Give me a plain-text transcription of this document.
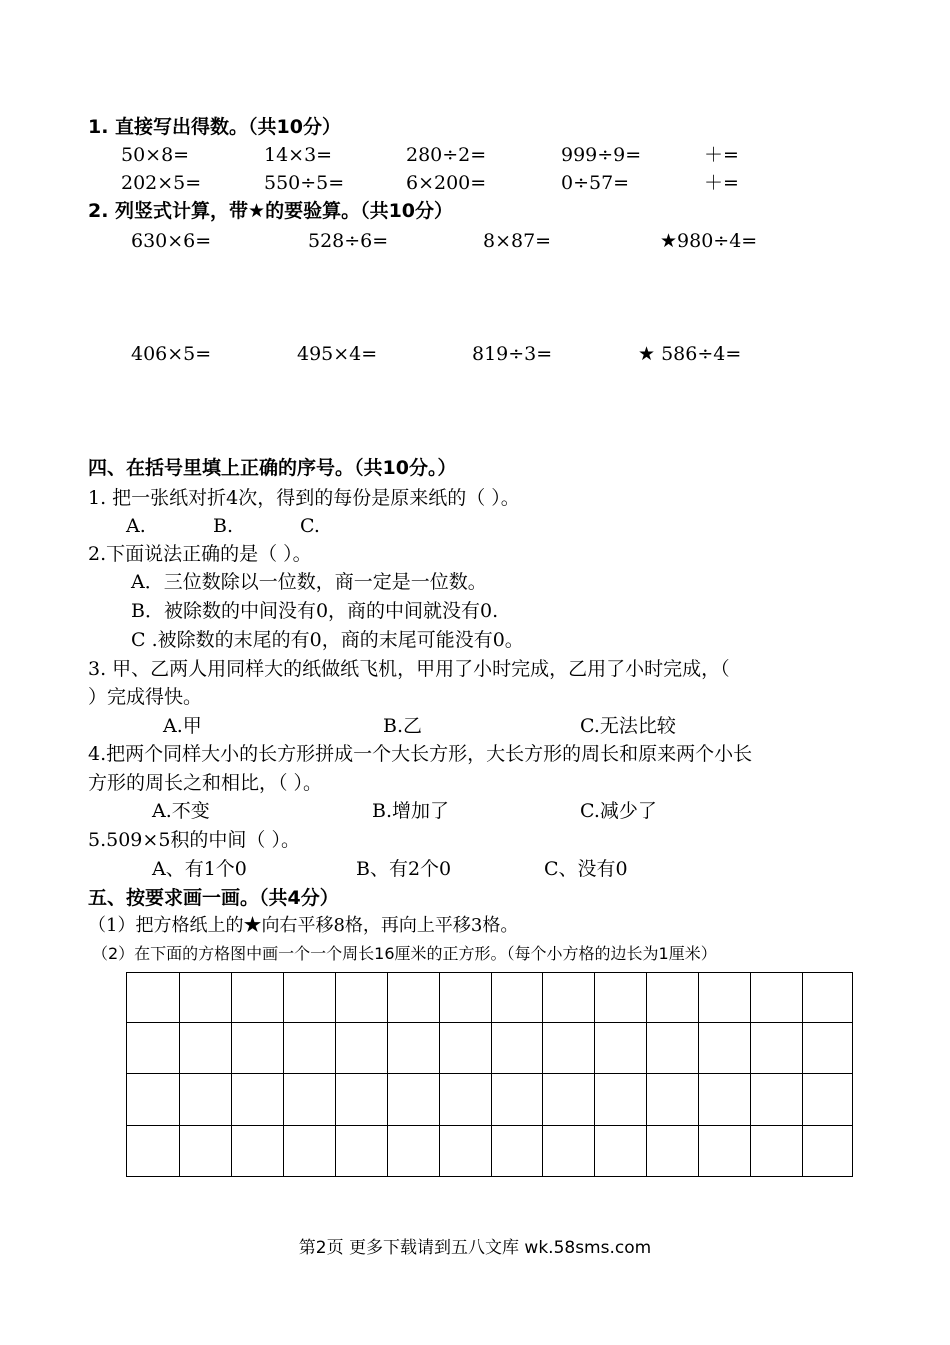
1. 直接写出得数。（共10分）
50×8=	14×3=	280÷2=	999÷9=	＋=
202×5=	550÷5=	6×200=	0÷57=	＋=
2. 列竖式计算，带★的要验算。（共10分）
630×6=	528÷6=	8×87=	★980÷4=
406×5=	495×4=	819÷3=	★ 586÷4=
四、在括号里填上正确的序号。（共10分。）
1. 把一张纸对折4次，得到的每份是原来纸的（ ）。
A.	B.	C.
2.下面说法正确的是（ ）。
A．三位数除以一位数，商一定是一位数。
B．被除数的中间没有0，商的中间就没有0.
C .被除数的末尾的有0，商的末尾可能没有0。
3. 甲、乙两人用同样大的纸做纸飞机，甲用了小时完成，乙用了小时完成，（
）完成得快。
A.甲	B.乙	C.无法比较
4.把两个同样大小的长方形拼成一个大长方形，大长方形的周长和原来两个小长
方形的周长之和相比，（ ）。
A.不变	B.增加了	C.减少了
5.509×5积的中间（ ）。
A、有1个0	B、有2个0	C、没有0
五、按要求画一画。（共4分）
（1）把方格纸上的★向右平移8格，再向上平移3格。
（2）在下面的方格图中画一个一个周长16厘米的正方形。（每个小方格的边长为1厘米）
第2页 更多下载请到五八文库 wk.58sms.com
